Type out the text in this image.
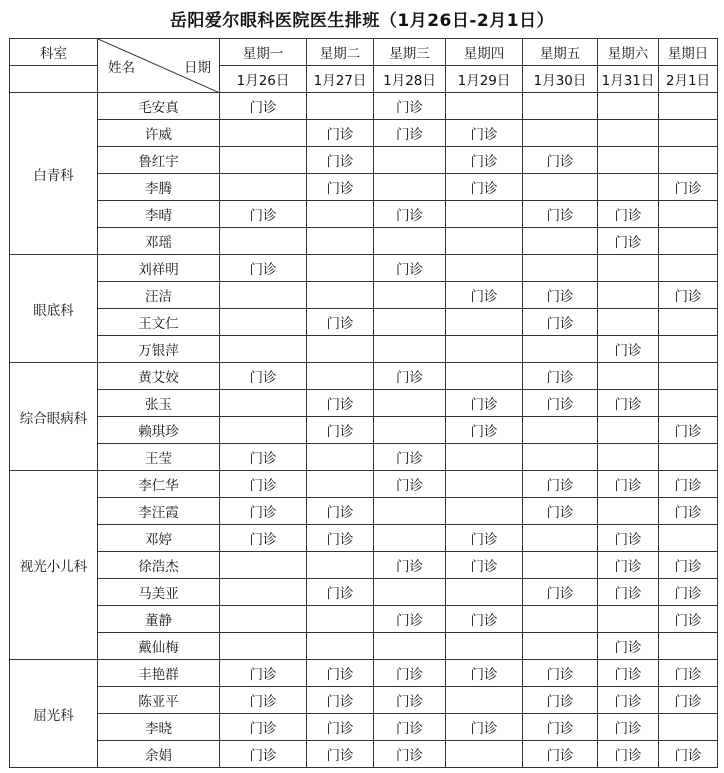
岳阳爱尔眼科医院医生排班（1月26日-2月1日）
科室	姓名 日期	星期一	星期二	星期三	星期四	星期五	星期六	星期日
		1月26日	1月27日	1月28日	1月29日	1月30日	1月31日	2月1日
白青科	毛安真	门诊		门诊				
	许威		门诊	门诊	门诊			
	鲁红宇		门诊		门诊	门诊		
	李腾		门诊		门诊			门诊
	李晴	门诊		门诊		门诊	门诊	
	邓瑶						门诊	
眼底科	刘祥明	门诊		门诊				
	汪洁				门诊	门诊		门诊
	王文仁		门诊			门诊		
	万银萍						门诊	
综合眼病科	黄艾姣	门诊		门诊		门诊		
	张玉		门诊		门诊	门诊	门诊	
	赖琪珍		门诊		门诊			门诊
	王莹	门诊		门诊				
视光小儿科	李仁华	门诊		门诊		门诊	门诊	门诊
	李汪霞	门诊	门诊			门诊		门诊
	邓婷	门诊	门诊		门诊		门诊	
	徐浩杰			门诊	门诊		门诊	门诊
	马美亚		门诊			门诊	门诊	门诊
	董静			门诊	门诊			门诊
	戴仙梅						门诊	
屈光科	丰艳群	门诊	门诊	门诊	门诊	门诊	门诊	门诊
	陈亚平	门诊	门诊	门诊		门诊	门诊	门诊
	李晓	门诊	门诊	门诊	门诊	门诊	门诊	
	余娟	门诊	门诊	门诊		门诊	门诊	门诊
